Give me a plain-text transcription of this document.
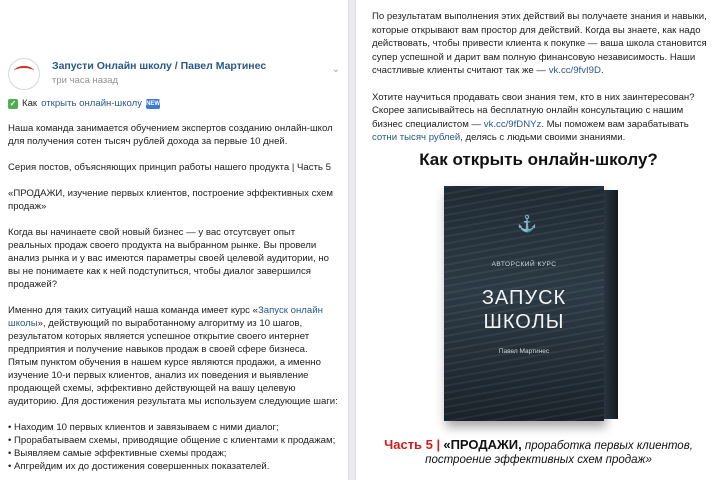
Запусти Онлайн школу / Павел Мартинес
три часа назад
⌄
✓ Как открыть онлайн-школу NEW

Наша команда занимается обучением экспертов созданию онлайн-школ для получения сотен тысяч рублей дохода за первые 10 дней.

Серия постов, объясняющих принцип работы нашего продукта | Часть 5

«ПРОДАЖИ, изучение первых клиентов, построение эффективных схем продаж»

Когда вы начинаете свой новый бизнес — у вас отсутсвует опыт реальных продаж своего продукта на выбранном рынке. Вы провели анализ рынка и у вас имеются параметры своей целевой аудитории, но вы не понимаете как к ней подступиться, чтобы диалог завершился продажей?

Именно для таких ситуаций наша команда имеет курс «Запуск онлайн школы», действующий по выработанному алгоритму из 10 шагов, результатом которых является успешное открытие своего интернет предприятия и получение навыков продаж в своей сфере бизнеса. Пятым пунктом обучения в нашем курсе являются продажи, а именно изучение 10-и первых клиентов, анализ их поведения и выявление продающей схемы, эффективно действующей на вашу целевую аудиторию. Для достижения результата мы используем следующие шаги:

• Находим 10 первых клиентов и завязываем с ними диалог;

• Прорабатываем схемы, приводящие общение с клиентами к продажам;

• Выявляем самые эффективные схемы продаж;

• Апгрейдим их до достижения совершенных показателей.

По результатам выполнения этих действий вы получаете знания и навыки, которые открывают вам простор для действий. Когда вы знаете, как надо действовать, чтобы привести клиента к покупке — ваша школа становится супер успешной и дарит вам полную финансовую независимость. Наши счастливые клиенты считают так же — vk.cc/9fvI9D.

Хотите научиться продавать свои знания тем, кто в них заинтересован? Скорее записывайтесь на бесплатную онлайн консультацию с нашим бизнес специалистом — vk.cc/9fDNYz. Мы поможем вам зарабатывать сотни тысяч рублей, делясь с людьми своими знаниями.

Как открыть онлайн-школу?
⚓
АВТОРСКИЙ КУРС
ЗАПУСК
ШКОЛЫ
Павел Мартинес
Часть 5 | «ПРОДАЖИ, проработка первых клиентов,
построение эффективных схем продаж»
